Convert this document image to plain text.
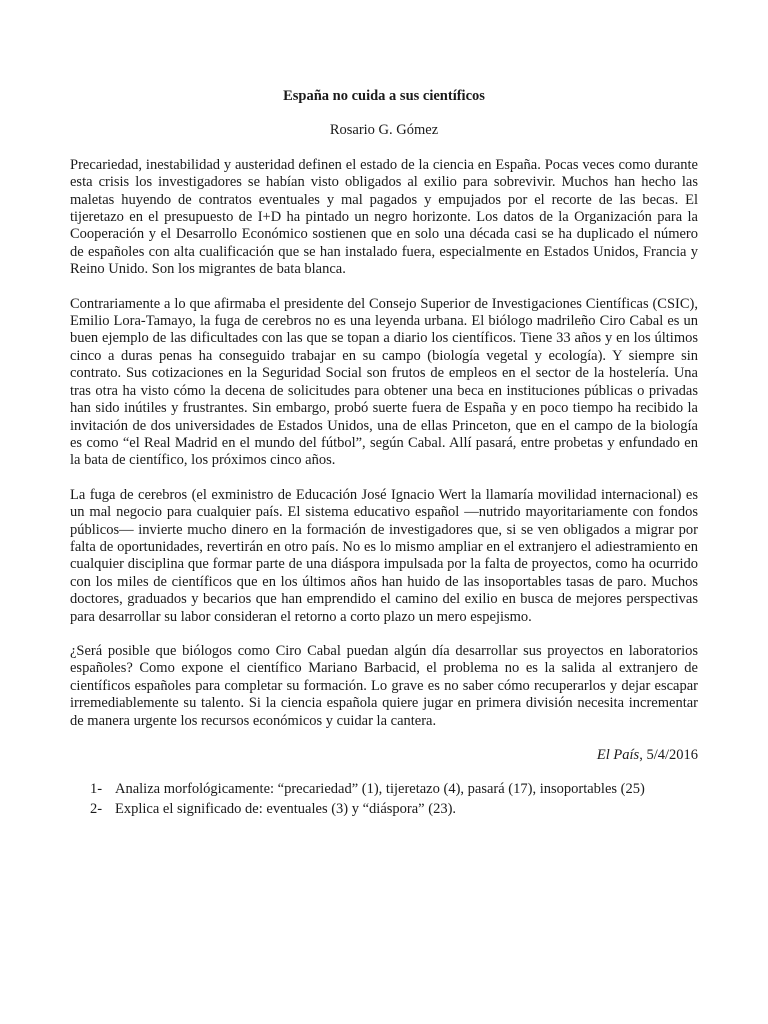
España no cuida a sus científicos

Rosario G. Gómez

Precariedad, inestabilidad y austeridad definen el estado de la ciencia en España. Pocas veces como durante esta crisis los investigadores se habían visto obligados al exilio para sobrevivir. Muchos han hecho las maletas huyendo de contratos eventuales y mal pagados y empujados por el recorte de las becas. El tijeretazo en el presupuesto de I+D ha pintado un negro horizonte. Los datos de la Organización para la Cooperación y el Desarrollo Económico sostienen que en solo una década casi se ha duplicado el número de españoles con alta cualificación que se han instalado fuera, especialmente en Estados Unidos, Francia y Reino Unido. Son los migrantes de bata blanca.

Contrariamente a lo que afirmaba el presidente del Consejo Superior de Investigaciones Científicas (CSIC), Emilio Lora-Tamayo, la fuga de cerebros no es una leyenda urbana. El biólogo madrileño Ciro Cabal es un buen ejemplo de las dificultades con las que se topan a diario los científicos. Tiene 33 años y en los últimos cinco a duras penas ha conseguido trabajar en su campo (biología vegetal y ecología). Y siempre sin contrato. Sus cotizaciones en la Seguridad Social son frutos de empleos en el sector de la hostelería. Una tras otra ha visto cómo la decena de solicitudes para obtener una beca en instituciones públicas o privadas han sido inútiles y frustrantes. Sin embargo, probó suerte fuera de España y en poco tiempo ha recibido la invitación de dos universidades de Estados Unidos, una de ellas Princeton, que en el campo de la biología es como “el Real Madrid en el mundo del fútbol”, según Cabal. Allí pasará, entre probetas y enfundado en la bata de científico, los próximos cinco años.

La fuga de cerebros (el exministro de Educación José Ignacio Wert la llamaría movilidad internacional) es un mal negocio para cualquier país. El sistema educativo español —nutrido mayoritariamente con fondos públicos— invierte mucho dinero en la formación de investigadores que, si se ven obligados a migrar por falta de oportunidades, revertirán en otro país. No es lo mismo ampliar en el extranjero el adiestramiento en cualquier disciplina que formar parte de una diáspora impulsada por la falta de proyectos, como ha ocurrido con los miles de científicos que en los últimos años han huido de las insoportables tasas de paro. Muchos doctores, graduados y becarios que han emprendido el camino del exilio en busca de mejores perspectivas para desarrollar su labor consideran el retorno a corto plazo un mero espejismo.

¿Será posible que biólogos como Ciro Cabal puedan algún día desarrollar sus proyectos en laboratorios españoles? Como expone el científico Mariano Barbacid, el problema no es la salida al extranjero de científicos españoles para completar su formación. Lo grave es no saber cómo recuperarlos y dejar escapar irremediablemente su talento. Si la ciencia española quiere jugar en primera división necesita incrementar de manera urgente los recursos económicos y cuidar la cantera.

El País, 5/4/2016

1- Analiza morfológicamente: “precariedad” (1), tijeretazo (4), pasará (17), insoportables (25)
2- Explica el significado de: eventuales (3) y “diáspora” (23).
